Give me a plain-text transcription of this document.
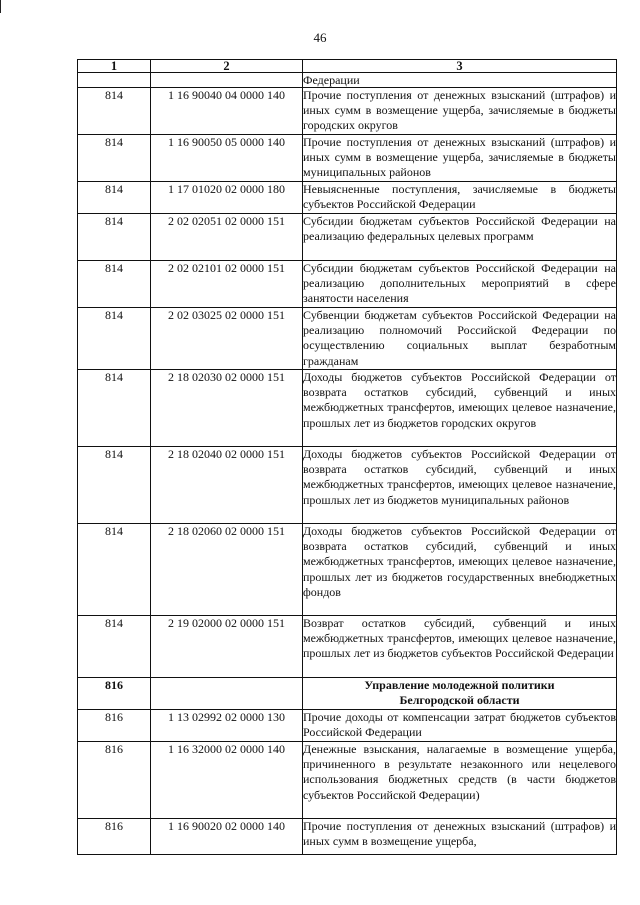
46
1	2	3
		Федерации
814	1 16 90040 04 0000 140	Прочие поступления от денежных взысканий (штрафов) и иных сумм в возмещение ущерба, зачисляемые в бюджеты городских округов
814	1 16 90050 05 0000 140	Прочие поступления от денежных взысканий (штрафов) и иных сумм в возмещение ущерба, зачисляемые в бюджеты муниципальных районов
814	1 17 01020 02 0000 180	Невыясненные поступления, зачисляемые в бюджеты субъектов Российской Федерации
814	2 02 02051 02 0000 151	Субсидии бюджетам субъектов Российской Федерации на реализацию федеральных целевых программ
814	2 02 02101 02 0000 151	Субсидии бюджетам субъектов Российской Федерации на реализацию дополнительных мероприятий в сфере занятости населения
814	2 02 03025 02 0000 151	Субвенции бюджетам субъектов Российской Федерации на реализацию полномочий Российской Федерации по осуществлению социальных выплат безработным гражданам
814	2 18 02030 02 0000 151	Доходы бюджетов субъектов Российской Федерации от возврата остатков субсидий, субвенций и иных межбюджетных трансфертов, имеющих целевое назначение, прошлых лет из бюджетов городских округов
814	2 18 02040 02 0000 151	Доходы бюджетов субъектов Российской Федерации от возврата остатков субсидий, субвенций и иных межбюджетных трансфертов, имеющих целевое назначение, прошлых лет из бюджетов муниципальных районов
814	2 18 02060 02 0000 151	Доходы бюджетов субъектов Российской Федерации от возврата остатков субсидий, субвенций и иных межбюджетных трансфертов, имеющих целевое назначение, прошлых лет из бюджетов государственных внебюджетных фондов
814	2 19 02000 02 0000 151	Возврат остатков субсидий, субвенций и иных межбюджетных трансфертов, имеющих целевое назначение, прошлых лет из бюджетов субъектов Российской Федерации
816		Управление молодежной политики
Белгородской области

816	1 13 02992 02 0000 130	Прочие доходы от компенсации затрат бюджетов субъектов Российской Федерации
816	1 16 32000 02 0000 140	Денежные взыскания, налагаемые в возмещение ущерба, причиненного в результате незаконного или нецелевого использования бюджетных средств (в части бюджетов субъектов Российской Федерации)
816	1 16 90020 02 0000 140	Прочие поступления от денежных взысканий (штрафов) и иных сумм в возмещение ущерба,
